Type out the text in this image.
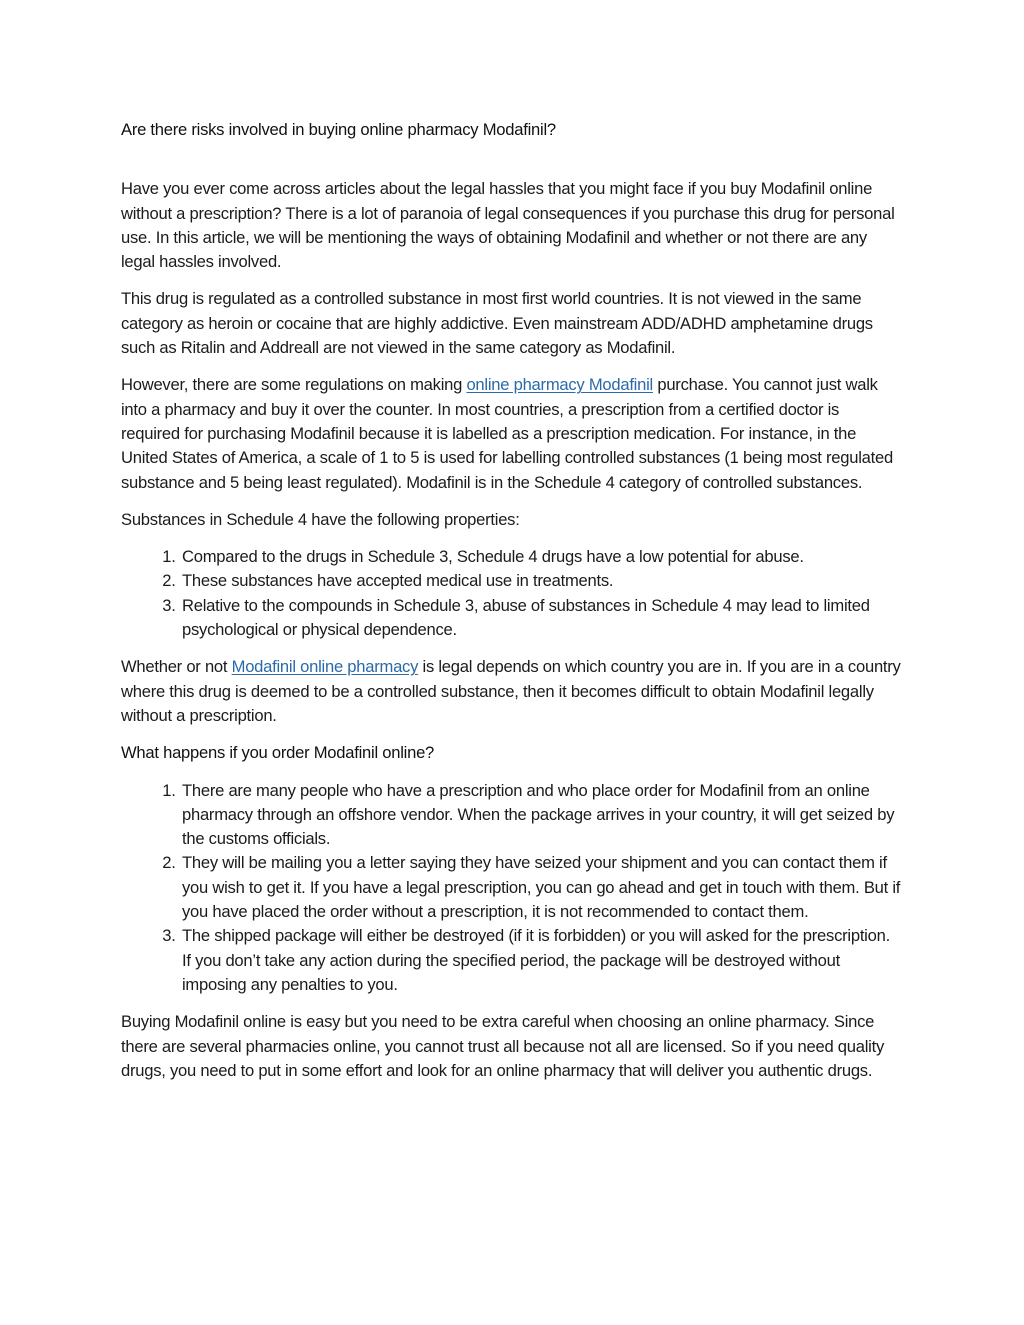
Are there risks involved in buying online pharmacy Modafinil?

Have you ever come across articles about the legal hassles that you might face if you buy Modafinil online without a prescription? There is a lot of paranoia of legal consequences if you purchase this drug for personal use. In this article, we will be mentioning the ways of obtaining Modafinil and whether or not there are any legal hassles involved.

This drug is regulated as a controlled substance in most first world countries. It is not viewed in the same category as heroin or cocaine that are highly addictive. Even mainstream ADD/ADHD amphetamine drugs such as Ritalin and Addreall are not viewed in the same category as Modafinil.

However, there are some regulations on making online pharmacy Modafinil purchase. You cannot just walk into a pharmacy and buy it over the counter. In most countries, a prescription from a certified doctor is required for purchasing Modafinil because it is labelled as a prescription medication. For instance, in the United States of America, a scale of 1 to 5 is used for labelling controlled substances (1 being most regulated substance and 5 being least regulated). Modafinil is in the Schedule 4 category of controlled substances.

Substances in Schedule 4 have the following properties:

1. Compared to the drugs in Schedule 3, Schedule 4 drugs have a low potential for abuse.
2. These substances have accepted medical use in treatments.
3. Relative to the compounds in Schedule 3, abuse of substances in Schedule 4 may lead to limited psychological or physical dependence.

Whether or not Modafinil online pharmacy is legal depends on which country you are in. If you are in a country where this drug is deemed to be a controlled substance, then it becomes difficult to obtain Modafinil legally without a prescription.

What happens if you order Modafinil online?
1. There are many people who have a prescription and who place order for Modafinil from an online pharmacy through an offshore vendor. When the package arrives in your country, it will get seized by the customs officials.
2. They will be mailing you a letter saying they have seized your shipment and you can contact them if you wish to get it. If you have a legal prescription, you can go ahead and get in touch with them. But if you have placed the order without a prescription, it is not recommended to contact them.
3. The shipped package will either be destroyed (if it is forbidden) or you will asked for the prescription. If you don’t take any action during the specified period, the package will be destroyed without imposing any penalties to you.

Buying Modafinil online is easy but you need to be extra careful when choosing an online pharmacy. Since there are several pharmacies online, you cannot trust all because not all are licensed. So if you need quality drugs, you need to put in some effort and look for an online pharmacy that will deliver you authentic drugs.
